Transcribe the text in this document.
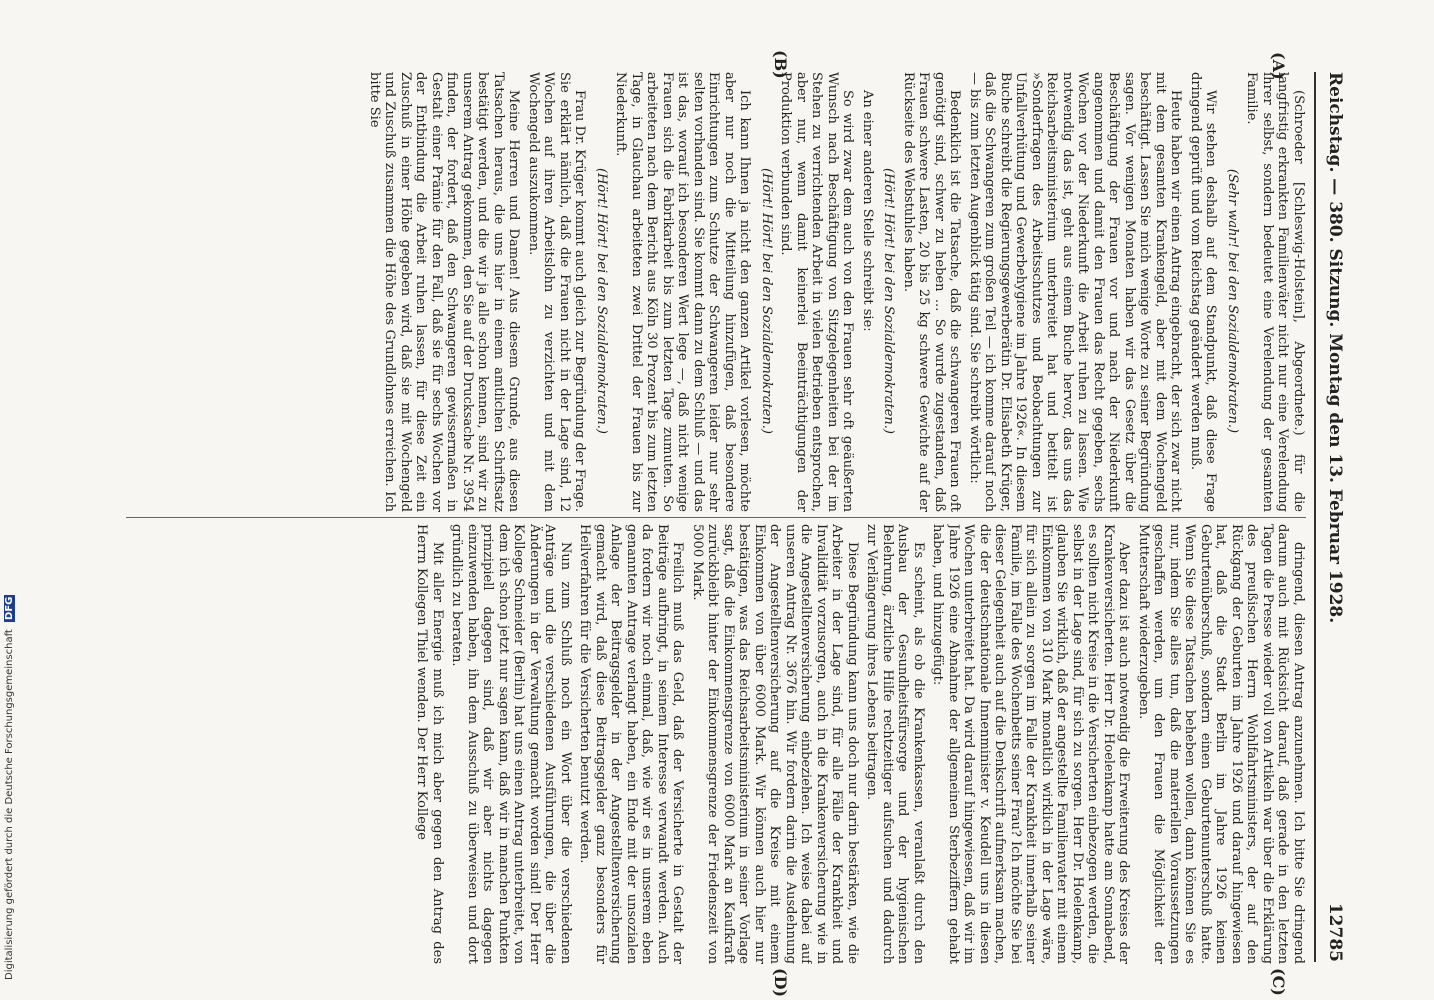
Reichstag. — 380. Sitzung. Montag den 13. Februar 1928.
12785
(A)
(B)
(C)
(D)

(Schroeder [Schleswig-Holstein], Abgeordnete.) für die langfristig erkrankten Familienväter nicht nur eine Verelendung ihrer selbst, sondern bedeutet eine Verelendung der gesamten Familie.

(Sehr wahr! bei den Sozialdemokraten.)

Wir stehen deshalb auf dem Standpunkt, daß diese Frage dringend geprüft und vom Reichstag geändert werden muß.

Heute haben wir einen Antrag eingebracht, der sich zwar nicht mit dem gesamten Krankengeld, aber mit dem Wochengeld beschäftigt. Lassen Sie mich wenige Worte zu seiner Begründung sagen. Vor wenigen Monaten haben wir das Gesetz über die Beschäftigung der Frauen vor und nach der Niederkunft angenommen und damit den Frauen das Recht gegeben, sechs Wochen vor der Niederkunft die Arbeit ruhen zu lassen. Wie notwendig das ist, geht aus einem Buche hervor, das uns das Reichsarbeitsministerium unterbreitet hat und betitelt ist »Sonderfragen des Arbeitsschutzes und Beobachtungen zur Unfallverhütung und Gewerbehygiene im Jahre 1926«. In diesem Buche schreibt die Regierungsgewerberätin Dr. Elisabeth Krüger, daß die Schwangeren zum großen Teil — ich komme darauf noch — bis zum letzten Augenblick tätig sind. Sie schreibt wörtlich:

Bedenklich ist die Tatsache, daß die schwangeren Frauen oft genötigt sind, schwer zu heben ... So wurde zugestanden, daß Frauen schwere Lasten, 20 bis 25 kg schwere Gewichte auf der Rückseite des Webstuhles haben.

(Hört! Hört! bei den Sozialdemokraten.)

An einer anderen Stelle schreibt sie:

So wird zwar dem auch von den Frauen sehr oft geäußerten Wunsch nach Beschäftigung von Sitzgelegenheiten bei der im Stehen zu verrichtenden Arbeit in vielen Betrieben entsprochen, aber nur, wenn damit keinerlei Beeinträchtigungen der Produktion verbunden sind.

(Hört! Hört! bei den Sozialdemokraten.)

Ich kann Ihnen ja nicht den ganzen Artikel vorlesen, möchte aber nur noch die Mitteilung hinzufügen, daß besondere Einrichtungen zum Schutze der Schwangeren leider nur sehr selten vorhanden sind. Sie kommt dann zu dem Schluß — und das ist das, worauf ich besonderen Wert lege —, daß nicht wenige Frauen sich die Fabrikarbeit bis zum letzten Tage zumuten. So arbeiteten nach dem Bericht aus Köln 30 Prozent bis zum letzten Tage, in Glauchau arbeiteten zwei Drittel der Frauen bis zur Niederkunft.

(Hört! Hört! bei den Sozialdemokraten.)

Frau Dr. Krüger kommt auch gleich zur Begründung der Frage. Sie erklärt nämlich, daß die Frauen nicht in der Lage sind, 12 Wochen auf ihren Arbeitslohn zu verzichten und mit dem Wochengeld auszukommen.

Meine Herren und Damen! Aus diesem Grunde, aus diesen Tatsachen heraus, die uns hier in einem amtlichen Schriftsatz bestätigt werden, und die wir ja alle schon kennen, sind wir zu unserem Antrag gekommen, den Sie auf der Drucksache Nr. 3954 finden, der fordert, daß den Schwangeren gewissermaßen in Gestalt einer Prämie für den Fall, daß sie für sechs Wochen vor der Entbindung die Arbeit ruhen lassen, für diese Zeit ein Zuschuß in einer Höhe gegeben wird, daß sie mit Wochengeld und Zuschuß zusammen die Höhe des Grundlohnes erreichen. Ich bitte Sie

dringend, diesen Antrag anzunehmen. Ich bitte Sie dringend darum auch mit Rücksicht darauf, daß gerade in den letzten Tagen die Presse wieder voll von Artikeln war über die Erklärung des preußischen Herrn Wohlfahrtsministers, der auf den Rückgang der Geburten im Jahre 1926 und darauf hingewiesen hat, daß die Stadt Berlin im Jahre 1926 keinen Geburtenüberschuß, sondern einen Geburtenunterschuß hatte. Wenn Sie diese Tatsachen beheben wollen, dann können Sie es nur, indem Sie alles tun, daß die materiellen Voraussetzungen geschaffen werden, um den Frauen die Möglichkeit der Mutterschaft wiederzugeben.

Aber dazu ist auch notwendig die Erweiterung des Kreises der Krankenversicherten. Herr Dr. Hoelenkamp hatte am Sonnabend, es sollten nicht Kreise in die Versicherten einbezogen werden, die selbst in der Lage sind, für sich zu sorgen. Herr Dr. Hoelenkamp, glauben Sie wirklich, daß der angestellte Familienvater mit einem Einkommen von 310 Mark monatlich wirklich in der Lage wäre, für sich allein zu sorgen im Falle der Krankheit innerhalb seiner Familie, im Falle des Wochenbetts seiner Frau? Ich möchte Sie bei dieser Gelegenheit auch auf die Denkschrift aufmerksam machen, die der deutschnationale Innenminister v. Keudell uns in diesen Wochen unterbreitet hat. Da wird darauf hingewiesen, daß wir im Jahre 1926 eine Abnahme der allgemeinen Sterbeziffern gehabt haben, und hinzugefügt:

Es scheint, als ob die Krankenkassen, veranlaßt durch den Ausbau der Gesundheitsfürsorge und der hygienischen Belehrung, ärztliche Hilfe rechtzeitiger aufsuchen und dadurch zur Verlängerung ihres Lebens beitragen.

Diese Begründung kann uns doch nur darin bestärken, wie die Arbeiter in der Lage sind, für alle Fälle der Krankheit und Invalidität vorzusorgen, auch in die Krankenversicherung wie in die Angestelltenversicherung einbeziehen. Ich weise dabei auf unseren Antrag Nr. 3676 hin. Wir fordern darin die Ausdehnung der Angestelltenversicherung auf die Kreise mit einem Einkommen von über 6000 Mark. Wir können auch hier nur bestätigen, was das Reichsarbeitsministerium in seiner Vorlage sagt, daß die Einkommensgrenze von 6000 Mark an Kaufkraft zurückbleibt hinter der Einkommensgrenze der Friedenszeit von 5000 Mark.

Freilich muß das Geld, daß der Versicherte in Gestalt der Beiträge aufbringt, in seinem Interesse verwandt werden. Auch da fordern wir noch einmal, daß, wie wir es in unserem eben genannten Antrage verlangt haben, ein Ende mit der unsozialen Anlage der Beitragsgelder in der Angestelltenversicherung gemacht wird, daß diese Beitragsgelder ganz besonders für Heilverfahren für die Versicherten benutzt werden.

Nun zum Schluß noch ein Wort über die verschiedenen Anträge und die verschiedenen Ausführungen, die über die Änderungen in der Verwaltung gemacht worden sind! Der Herr Kollege Schneider (Berlin) hat uns einen Antrag unterbreitet, von dem ich schon jetzt nur sagen kann, daß wir in manchen Punkten prinzipiell dagegen sind, daß wir aber nichts dagegen einzuwenden haben, ihn dem Ausschuß zu überweisen und dort gründlich zu beraten.

Mit aller Energie muß ich mich aber gegen den Antrag des Herrn Kollegen Thiel wenden. Der Herr Kollege

Digitalisierung gefördert durch die Deutsche Forschungsgemeinschaft DFG
